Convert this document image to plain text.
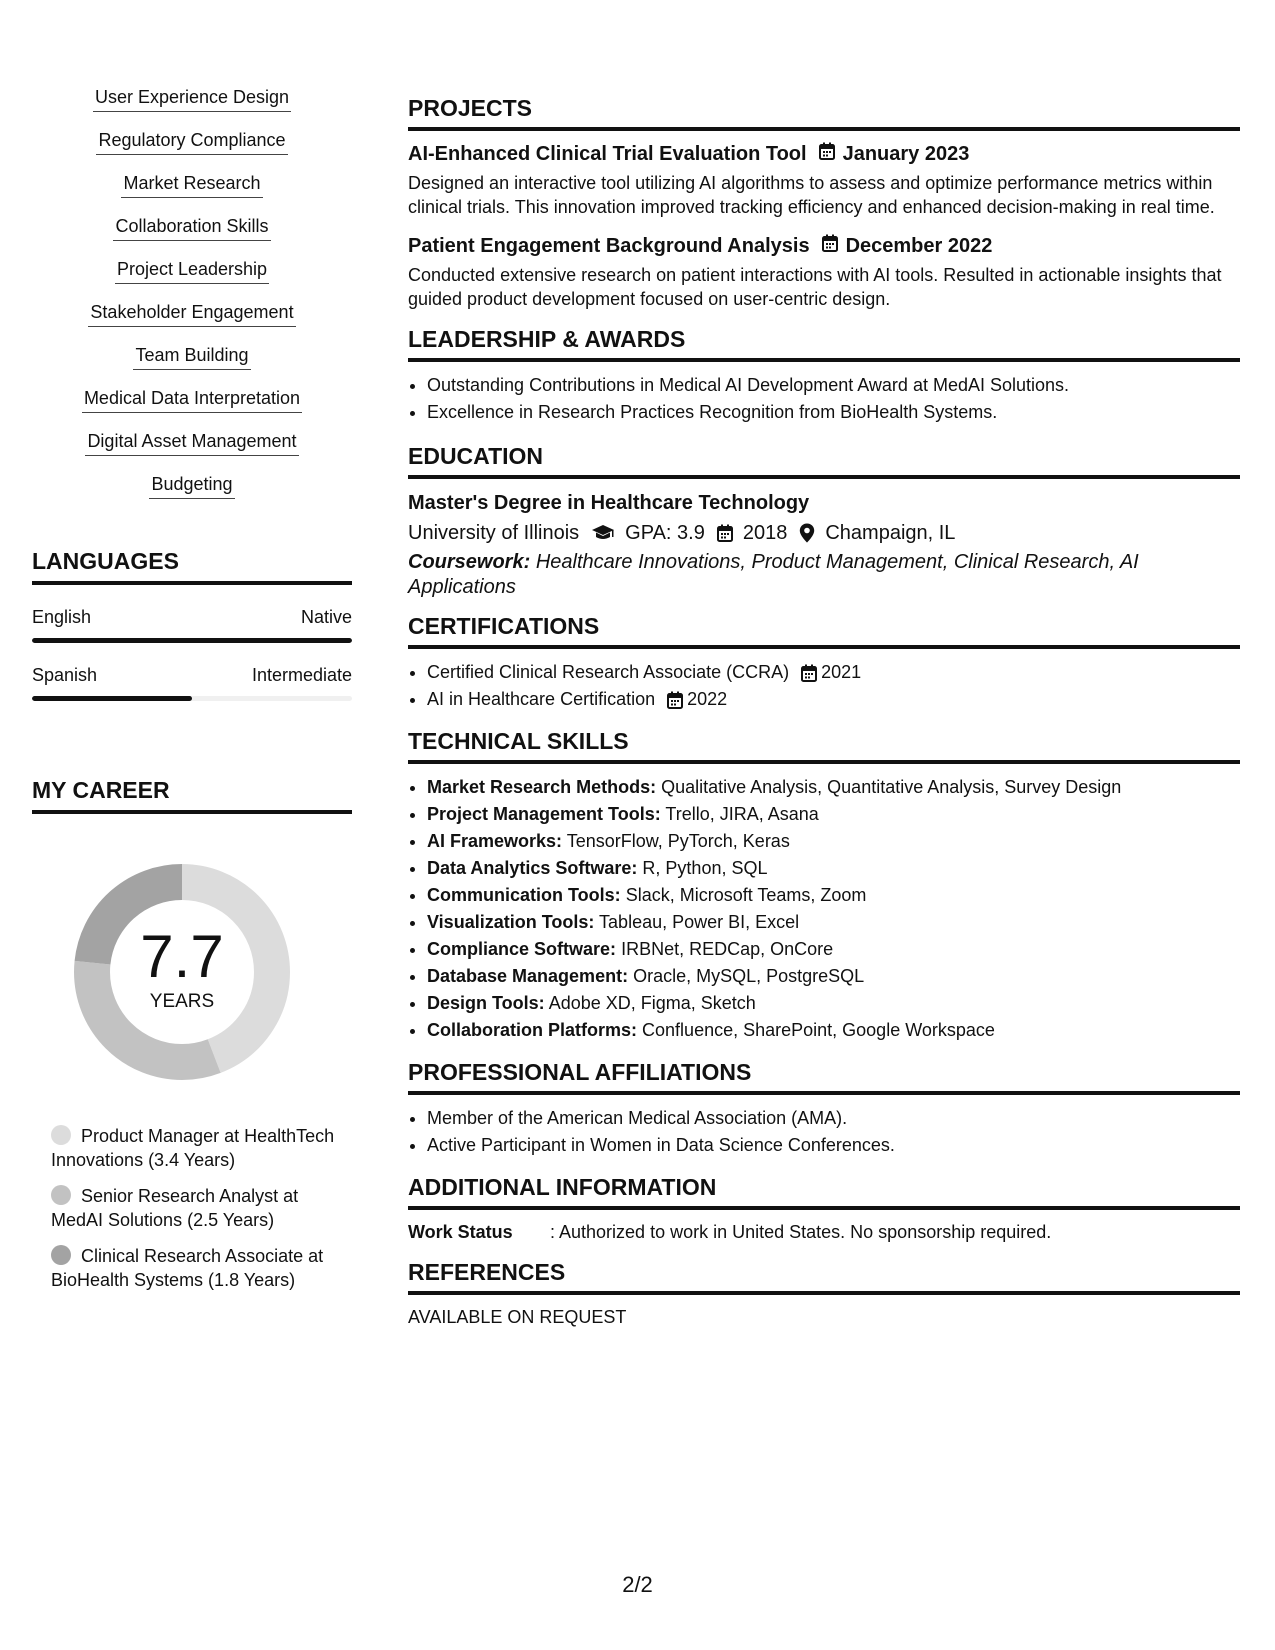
User Experience Design
Regulatory Compliance
Market Research
Collaboration Skills
Project Leadership
Stakeholder Engagement
Team Building
Medical Data Interpretation
Digital Asset Management
Budgeting
LANGUAGES
English	Native
Spanish	Intermediate
MY CAREER
7.7
YEARS
Product Manager at HealthTech Innovations (3.4 Years)
Senior Research Analyst at MedAI Solutions (2.5 Years)
Clinical Research Associate at BioHealth Systems (1.8 Years)
PROJECTS
AI-Enhanced Clinical Trial Evaluation Tool January 2023
Designed an interactive tool utilizing AI algorithms to assess and optimize performance metrics within clinical trials. This innovation improved tracking efficiency and enhanced decision-making in real time.
Patient Engagement Background Analysis December 2022
Conducted extensive research on patient interactions with AI tools. Resulted in actionable insights that guided product development focused on user-centric design.
LEADERSHIP & AWARDS
• Outstanding Contributions in Medical AI Development Award at MedAI Solutions.
• Excellence in Research Practices Recognition from BioHealth Systems.
EDUCATION
Master's Degree in Healthcare Technology
University of Illinois GPA: 3.9 2018 Champaign, IL
Coursework: Healthcare Innovations, Product Management, Clinical Research, AI Applications
CERTIFICATIONS
• Certified Clinical Research Associate (CCRA) 2021
• AI in Healthcare Certification 2022
TECHNICAL SKILLS
• Market Research Methods: Qualitative Analysis, Quantitative Analysis, Survey Design
• Project Management Tools: Trello, JIRA, Asana
• AI Frameworks: TensorFlow, PyTorch, Keras
• Data Analytics Software: R, Python, SQL
• Communication Tools: Slack, Microsoft Teams, Zoom
• Visualization Tools: Tableau, Power BI, Excel
• Compliance Software: IRBNet, REDCap, OnCore
• Database Management: Oracle, MySQL, PostgreSQL
• Design Tools: Adobe XD, Figma, Sketch
• Collaboration Platforms: Confluence, SharePoint, Google Workspace
PROFESSIONAL AFFILIATIONS
• Member of the American Medical Association (AMA).
• Active Participant in Women in Data Science Conferences.
ADDITIONAL INFORMATION
Work Status	: Authorized to work in United States. No sponsorship required.
REFERENCES
AVAILABLE ON REQUEST
2/2
